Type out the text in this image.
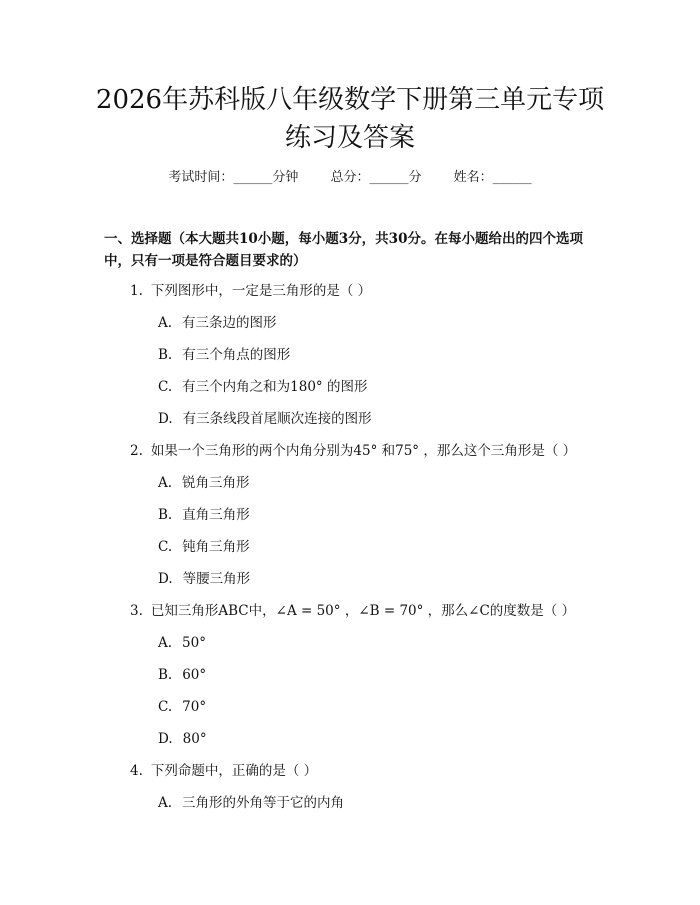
2026年苏科版八年级数学下册第三单元专项
练习及答案
考试时间：______分钟 总分：______分 姓名：______
一、选择题（本大题共10小题，每小题3分，共30分。在每小题给出的四个选项中，只有一项是符合题目要求的）
1. 下列图形中，一定是三角形的是（ ）
A. 有三条边的图形
B. 有三个角点的图形
C. 有三个内角之和为180° 的图形
D. 有三条线段首尾顺次连接的图形
2. 如果一个三角形的两个内角分别为45° 和75° ，那么这个三角形是（ ）
A. 锐角三角形
B. 直角三角形
C. 钝角三角形
D. 等腰三角形
3. 已知三角形ABC中，∠A = 50° ，∠B = 70° ，那么∠C的度数是（ ）
A. 50°
B. 60°
C. 70°
D. 80°
4. 下列命题中，正确的是（ ）
A. 三角形的外角等于它的内角
